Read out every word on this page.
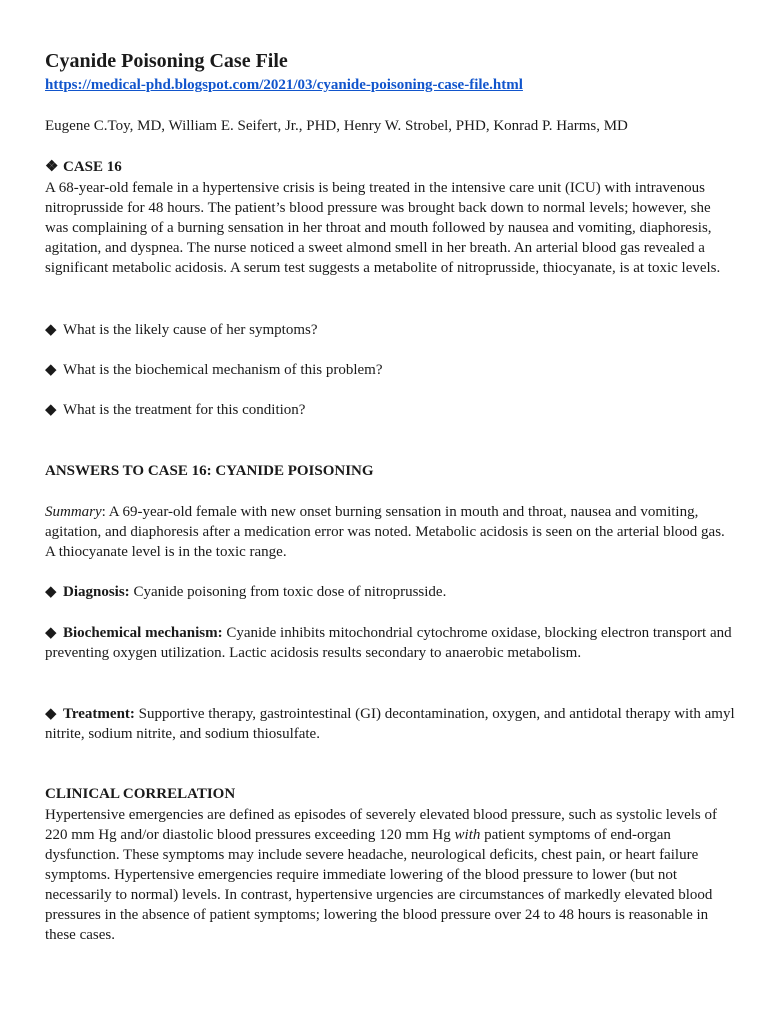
Cyanide Poisoning Case File
https://medical-phd.blogspot.com/2021/03/cyanide-poisoning-case-file.html

Eugene C.Toy, MD, William E. Seifert, Jr., PHD, Henry W. Strobel, PHD, Konrad P. Harms, MD

❖ CASE 16

A 68-year-old female in a hypertensive crisis is being treated in the intensive care unit (ICU) with intravenous nitroprusside for 48 hours. The patient’s blood pressure was brought back down to normal levels; however, she was complaining of a burning sensation in her throat and mouth followed by nausea and vomiting, diaphoresis, agitation, and dyspnea. The nurse noticed a sweet almond smell in her breath. An arterial blood gas revealed a significant metabolic acidosis. A serum test suggests a metabolite of nitroprusside, thiocyanate, is at toxic levels.

◆ What is the likely cause of her symptoms?

◆ What is the biochemical mechanism of this problem?

◆ What is the treatment for this condition?

ANSWERS TO CASE 16: CYANIDE POISONING

Summary: A 69-year-old female with new onset burning sensation in mouth and throat, nausea and vomiting, agitation, and diaphoresis after a medication error was noted. Metabolic acidosis is seen on the arterial blood gas. A thiocyanate level is in the toxic range.

◆ Diagnosis: Cyanide poisoning from toxic dose of nitroprusside.

◆ Biochemical mechanism: Cyanide inhibits mitochondrial cytochrome oxidase, blocking electron transport and preventing oxygen utilization. Lactic acidosis results secondary to anaerobic metabolism.

◆ Treatment: Supportive therapy, gastrointestinal (GI) decontamination, oxygen, and antidotal therapy with amyl nitrite, sodium nitrite, and sodium thiosulfate.

CLINICAL CORRELATION

Hypertensive emergencies are defined as episodes of severely elevated blood pressure, such as systolic levels of 220 mm Hg and/or diastolic blood pressures exceeding 120 mm Hg with patient symptoms of end-organ dysfunction. These symptoms may include severe headache, neurological deficits, chest pain, or heart failure symptoms. Hypertensive emergencies require immediate lowering of the blood pressure to lower (but not necessarily to normal) levels. In contrast, hypertensive urgencies are circumstances of markedly elevated blood pressures in the absence of patient symptoms; lowering the blood pressure over 24 to 48 hours is reasonable in these cases.
